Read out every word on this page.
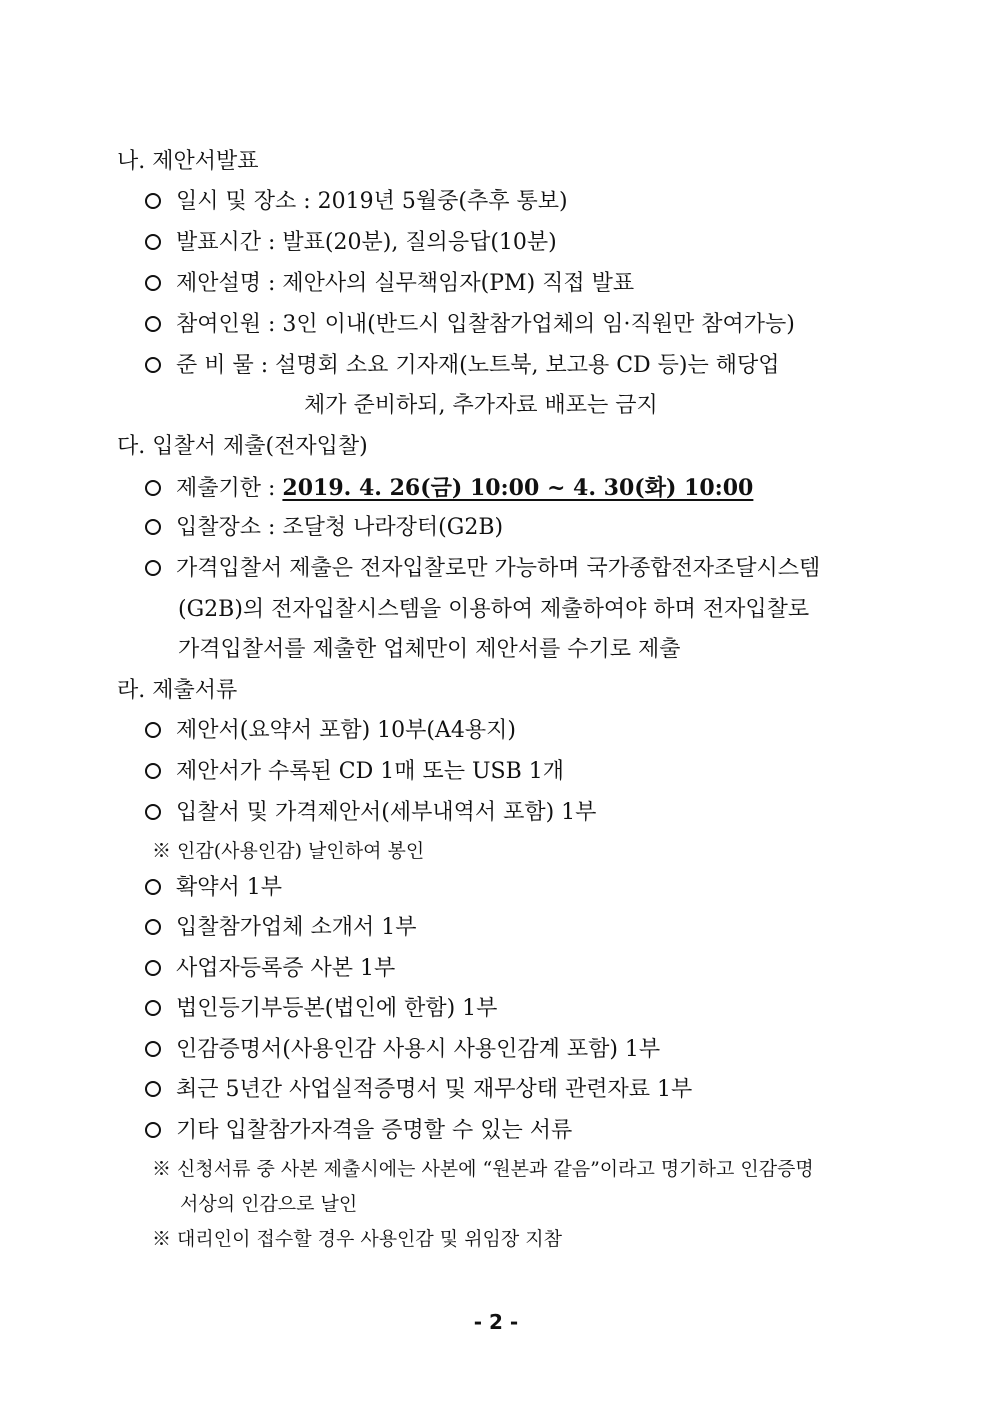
나. 제안서발표
일시 및 장소 : 2019년 5월중(추후 통보)
발표시간 : 발표(20분), 질의응답(10분)
제안설명 : 제안사의 실무책임자(PM) 직접 발표
참여인원 : 3인 이내(반드시 입찰참가업체의 임·직원만 참여가능)
준 비 물 : 설명회 소요 기자재(노트북, 보고용 CD 등)는 해당업
체가 준비하되, 추가자료 배포는 금지
다. 입찰서 제출(전자입찰)
제출기한 : 2019. 4. 26(금) 10:00 ~ 4. 30(화) 10:00
입찰장소 : 조달청 나라장터(G2B)
가격입찰서 제출은 전자입찰로만 가능하며 국가종합전자조달시스템
(G2B)의 전자입찰시스템을 이용하여 제출하여야 하며 전자입찰로
가격입찰서를 제출한 업체만이 제안서를 수기로 제출
라. 제출서류
제안서(요약서 포함) 10부(A4용지)
제안서가 수록된 CD 1매 또는 USB 1개
입찰서 및 가격제안서(세부내역서 포함) 1부
※ 인감(사용인감) 날인하여 봉인
확약서 1부
입찰참가업체 소개서 1부
사업자등록증 사본 1부
법인등기부등본(법인에 한함) 1부
인감증명서(사용인감 사용시 사용인감계 포함) 1부
최근 5년간 사업실적증명서 및 재무상태 관련자료 1부
기타 입찰참가자격을 증명할 수 있는 서류
※ 신청서류 중 사본 제출시에는 사본에 “원본과 같음”이라고 명기하고 인감증명
서상의 인감으로 날인
※ 대리인이 접수할 경우 사용인감 및 위임장 지참
- 2 -
